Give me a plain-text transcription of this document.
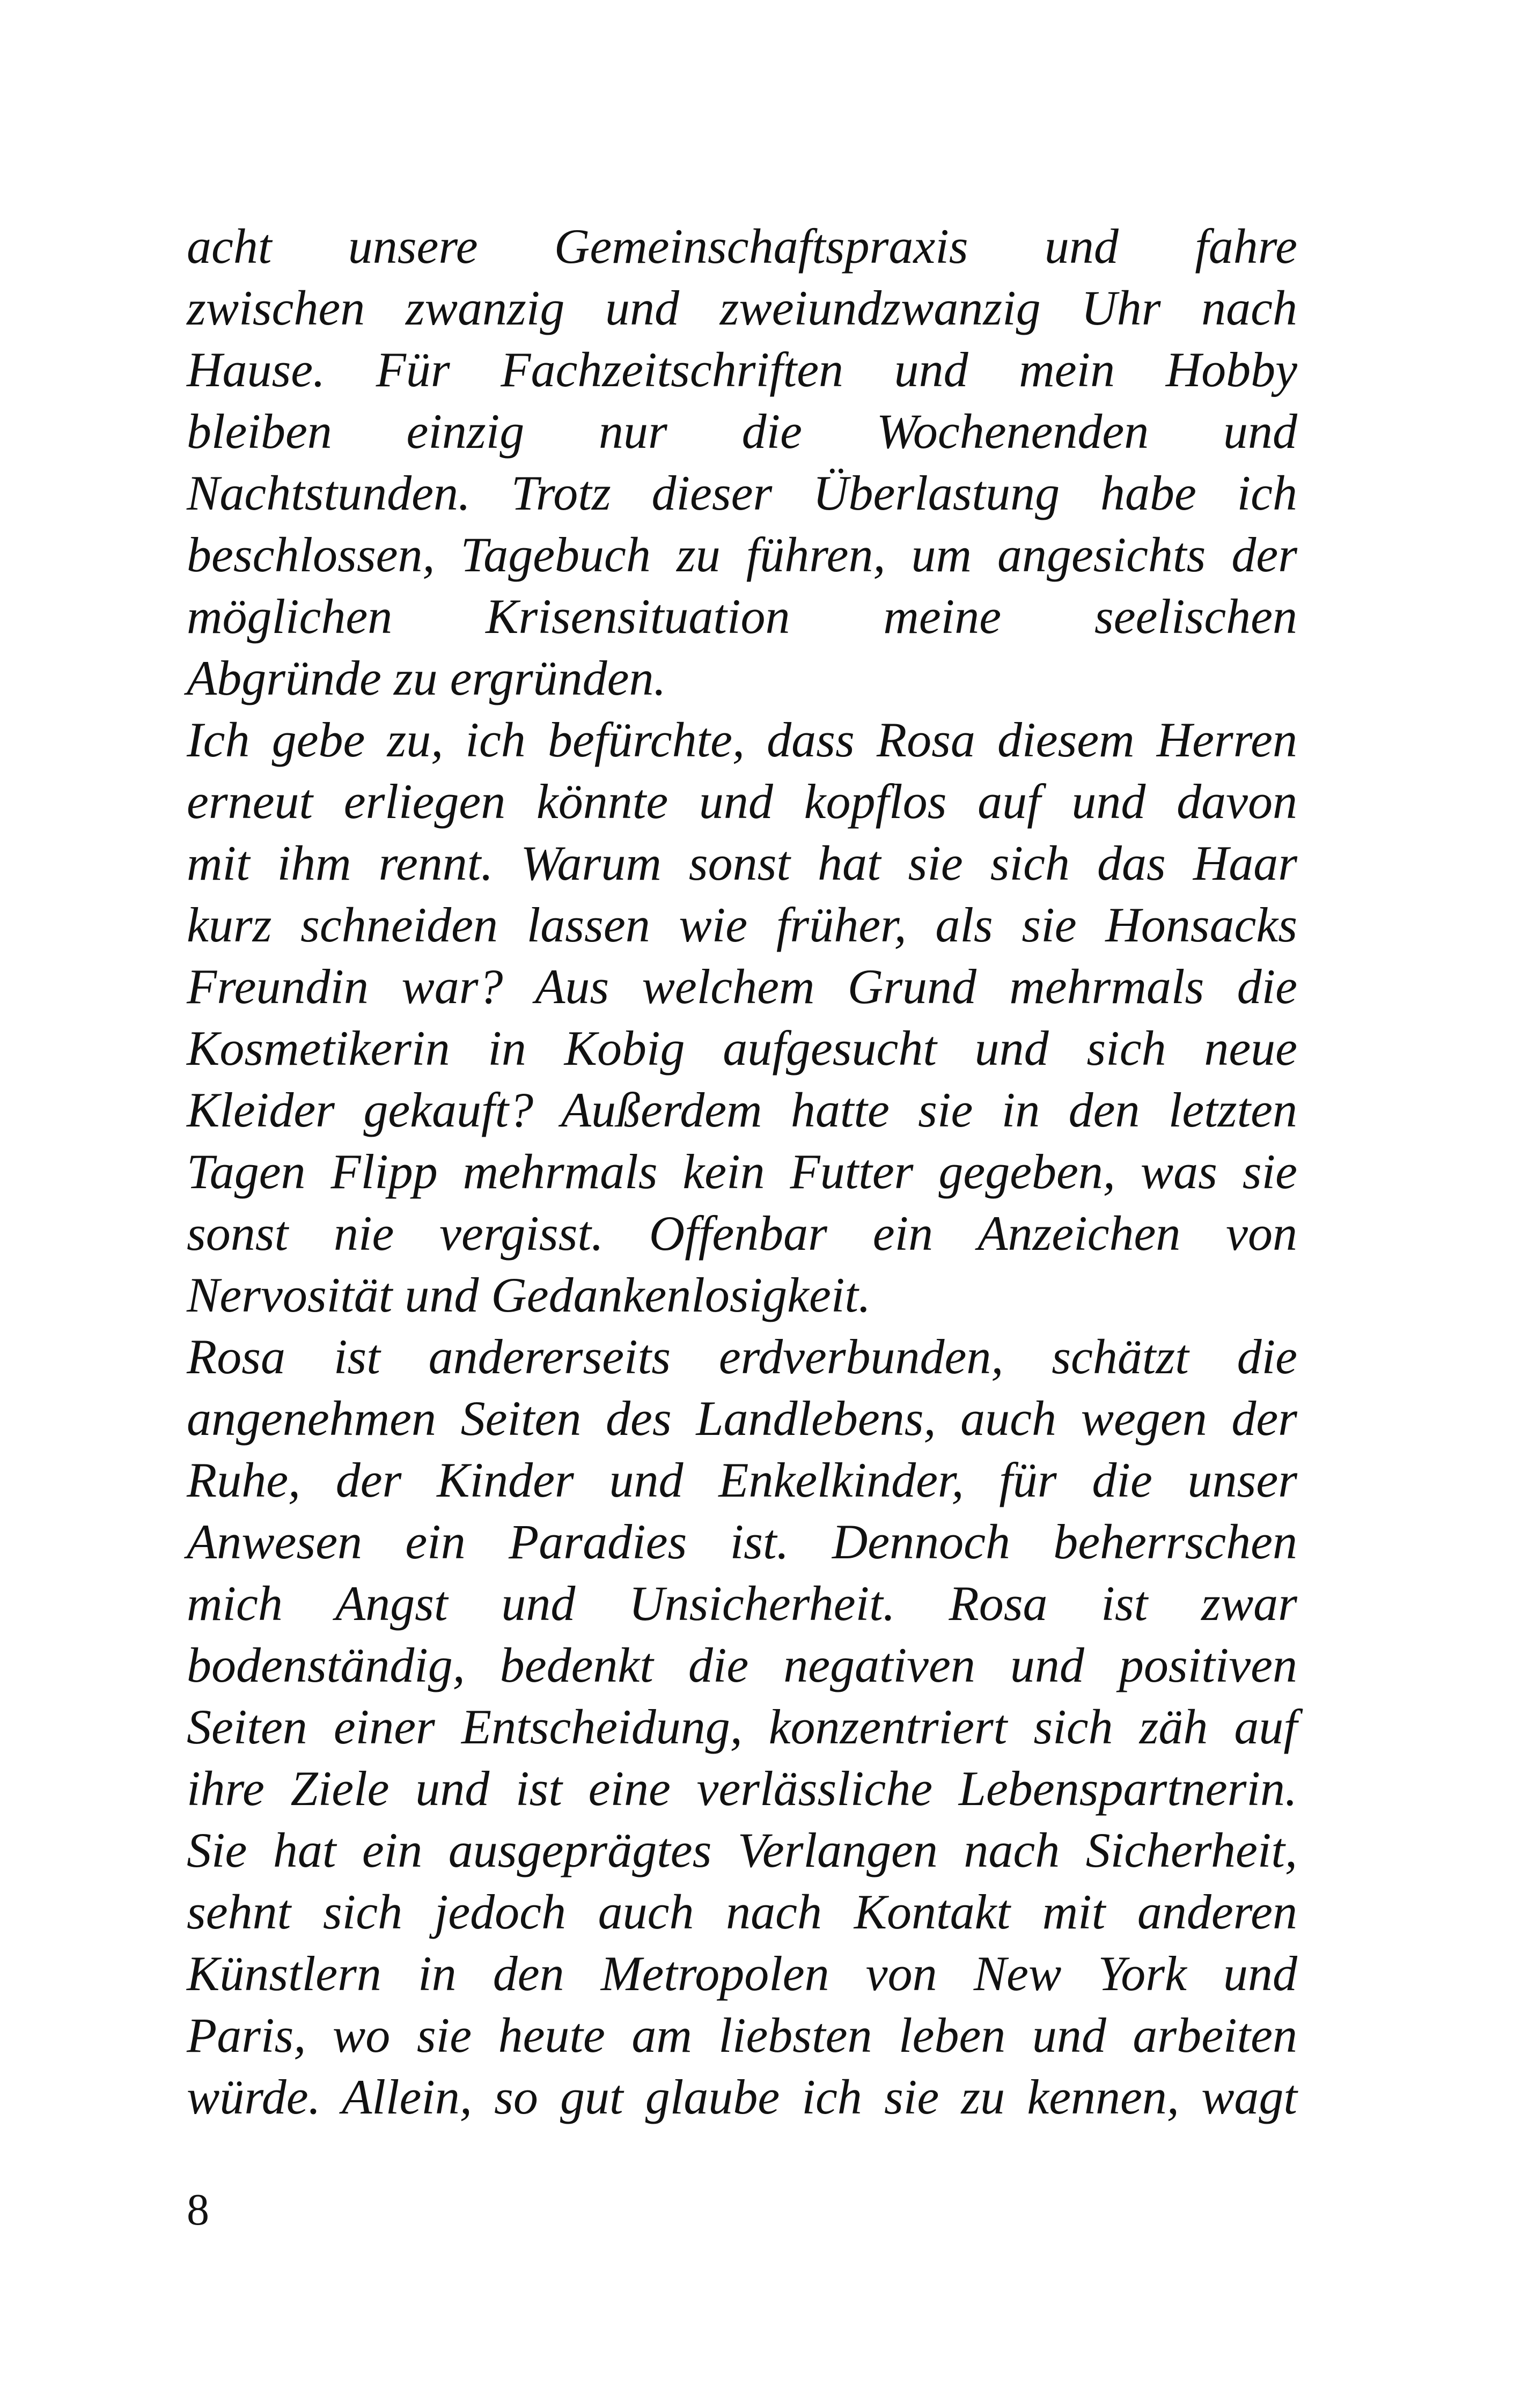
acht unsere Gemeinschaftspraxis und fahre
zwischen zwanzig und zweiundzwanzig Uhr nach
Hause. Für Fachzeitschriften und mein Hobby
bleiben einzig nur die Wochenenden und
Nachtstunden. Trotz dieser Überlastung habe ich
beschlossen, Tagebuch zu führen, um angesichts der
möglichen Krisensituation meine seelischen
Abgründe zu ergründen.
Ich gebe zu, ich befürchte, dass Rosa diesem Herren
erneut erliegen könnte und kopflos auf und davon
mit ihm rennt. Warum sonst hat sie sich das Haar
kurz schneiden lassen wie früher, als sie Honsacks
Freundin war? Aus welchem Grund mehrmals die
Kosmetikerin in Kobig aufgesucht und sich neue
Kleider gekauft? Außerdem hatte sie in den letzten
Tagen Flipp mehrmals kein Futter gegeben, was sie
sonst nie vergisst. Offenbar ein Anzeichen von
Nervosität und Gedankenlosigkeit.
Rosa ist andererseits erdverbunden, schätzt die
angenehmen Seiten des Landlebens, auch wegen der
Ruhe, der Kinder und Enkelkinder, für die unser
Anwesen ein Paradies ist. Dennoch beherrschen
mich Angst und Unsicherheit. Rosa ist zwar
bodenständig, bedenkt die negativen und positiven
Seiten einer Entscheidung, konzentriert sich zäh auf
ihre Ziele und ist eine verlässliche Lebenspartnerin.
Sie hat ein ausgeprägtes Verlangen nach Sicherheit,
sehnt sich jedoch auch nach Kontakt mit anderen
Künstlern in den Metropolen von New York und
Paris, wo sie heute am liebsten leben und arbeiten
würde. Allein, so gut glaube ich sie zu kennen, wagt
8
